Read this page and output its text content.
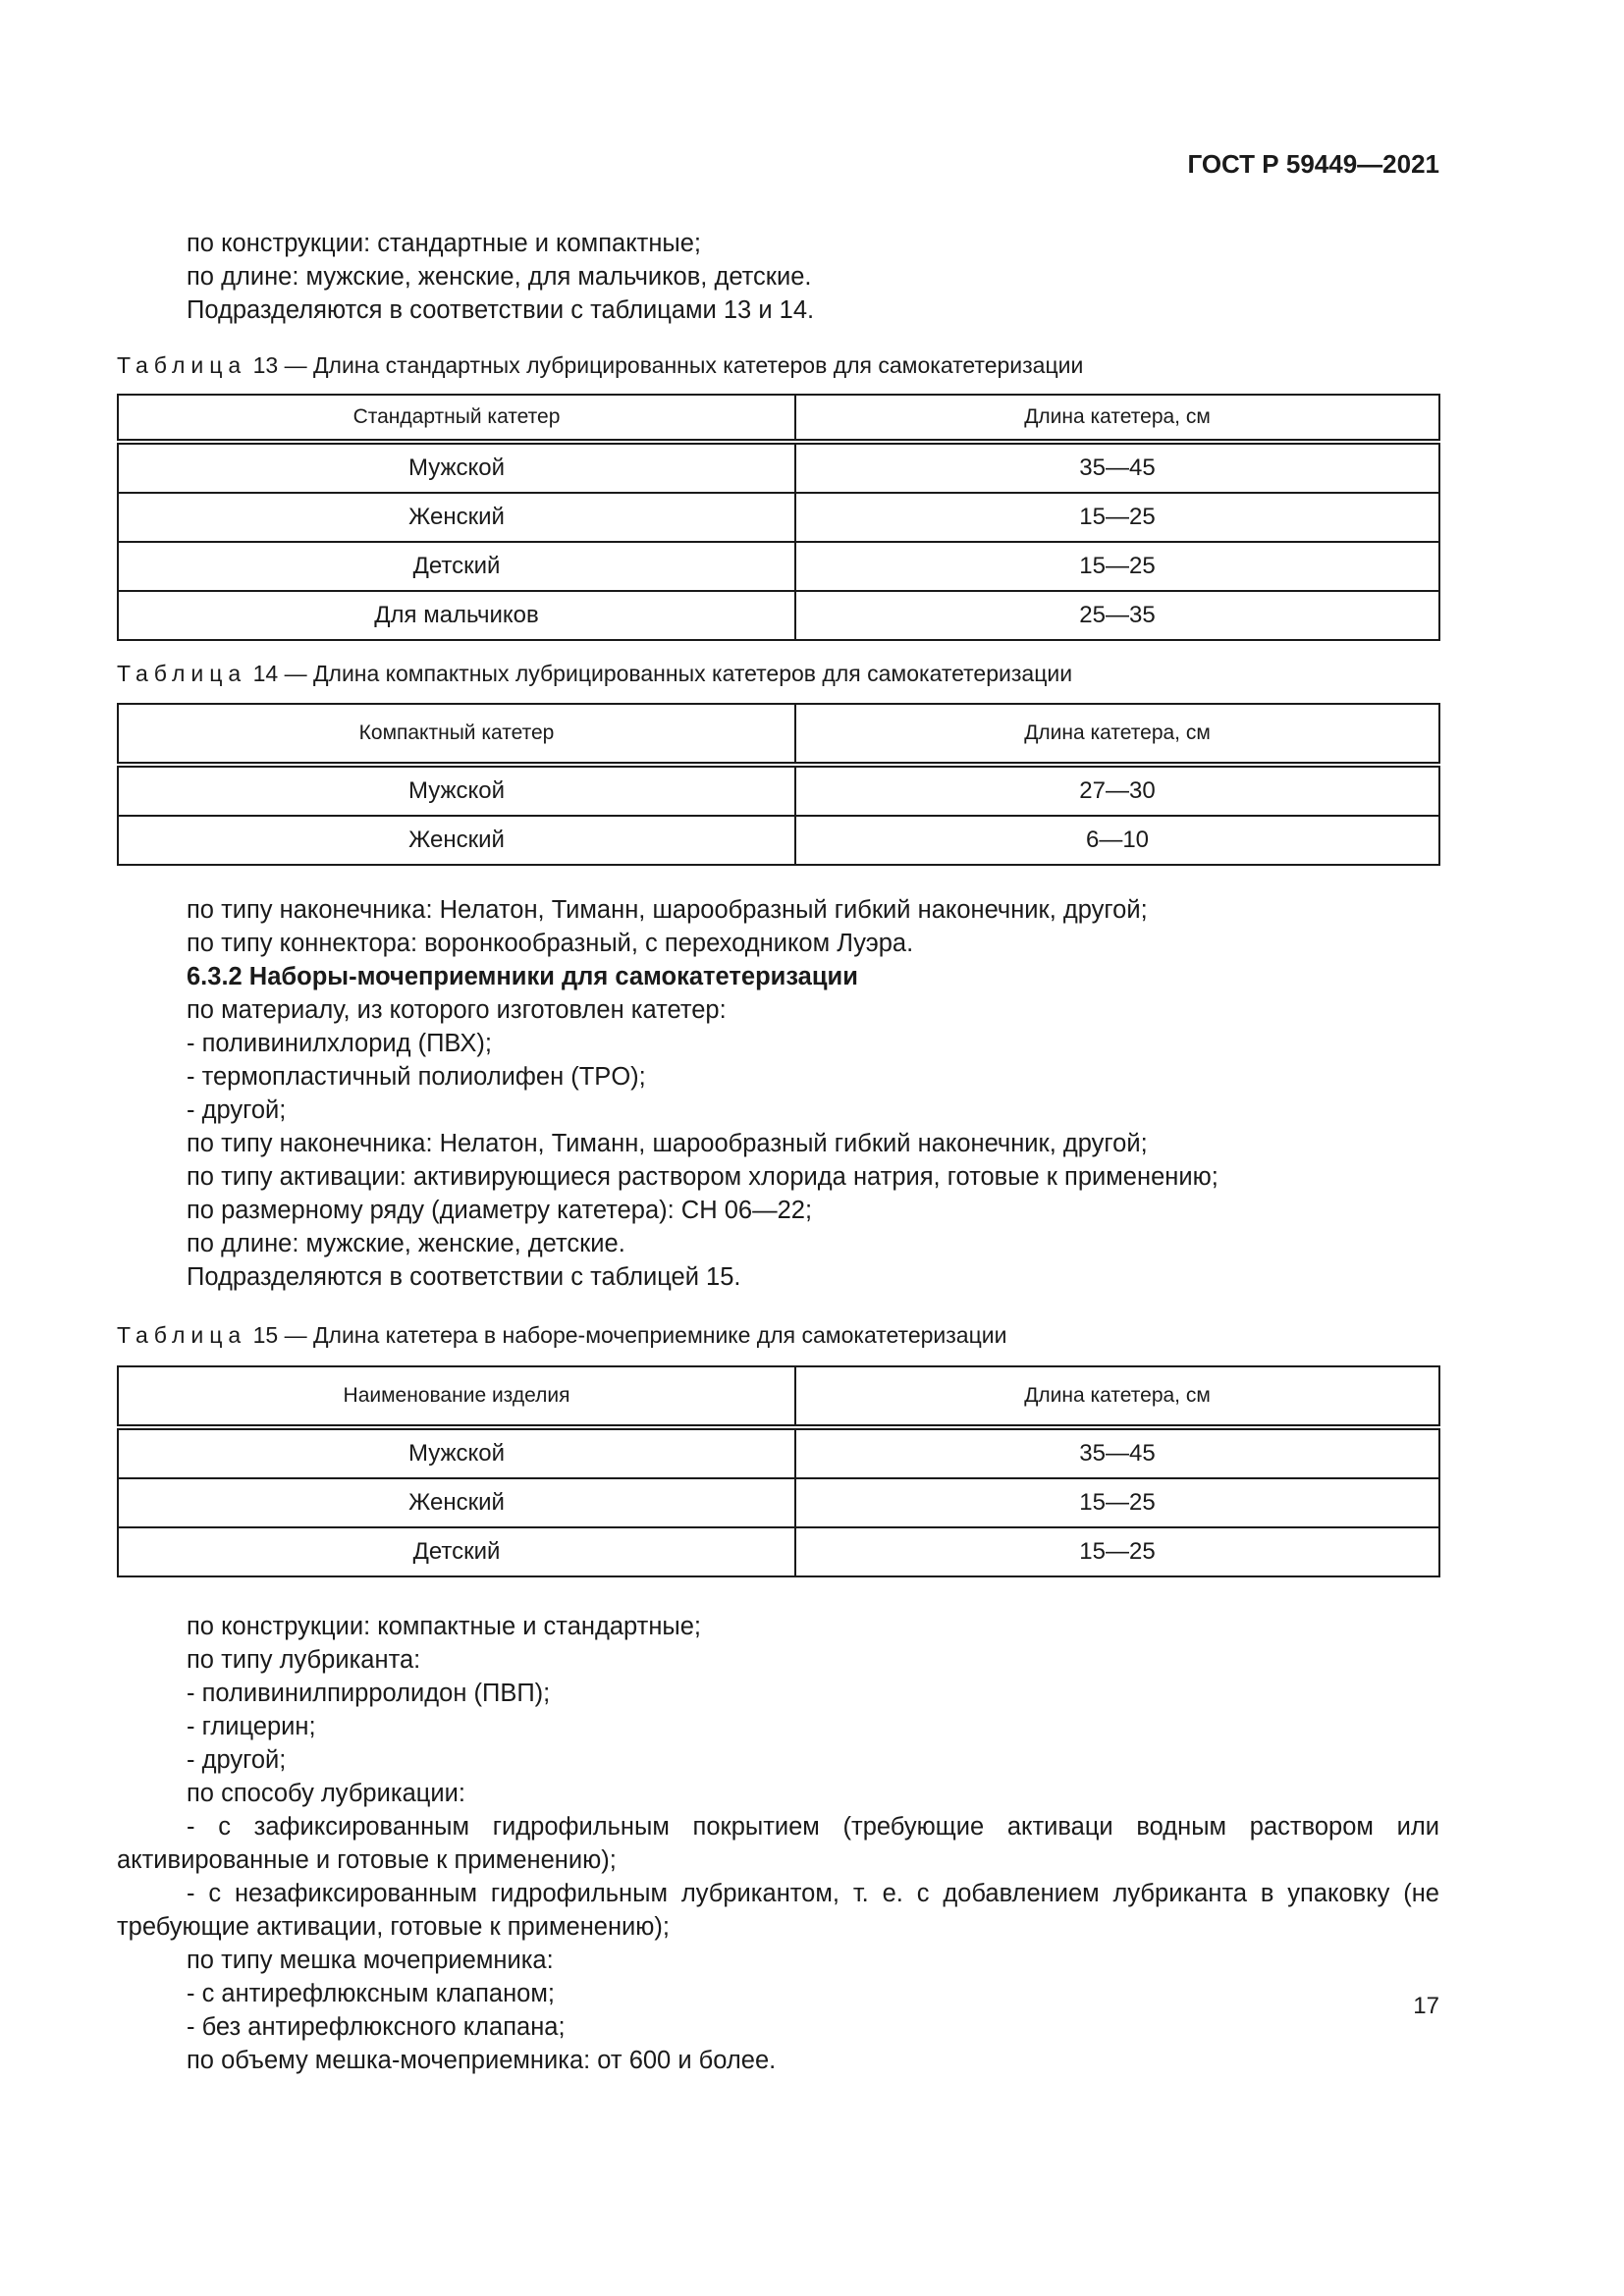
ГОСТ Р 59449—2021

по конструкции: стандартные и компактные;

по длине: мужские, женские, для мальчиков, детские.

Подразделяются в соответствии с таблицами 13 и 14.

Таблица 13 — Длина стандартных лубрицированных катетеров для самокатетеризации

Стандартный катетер	Длина катетера, см
Мужской	35—45
Женский	15—25
Детский	15—25
Для мальчиков	25—35

Таблица 14 — Длина компактных лубрицированных катетеров для самокатетеризации

Компактный катетер	Длина катетера, см
Мужской	27—30
Женский	6—10

по типу наконечника: Нелатон, Тиманн, шарообразный гибкий наконечник, другой;

по типу коннектора: воронкообразный, с переходником Луэра.

6.3.2 Наборы-мочеприемники для самокатетеризации

по материалу, из которого изготовлен катетер:

- поливинилхлорид (ПВХ);

- термопластичный полиолифен (TPO);

- другой;

по типу наконечника: Нелатон, Тиманн, шарообразный гибкий наконечник, другой;

по типу активации: активирующиеся раствором хлорида натрия, готовые к применению;

по размерному ряду (диаметру катетера): СН 06—22;

по длине: мужские, женские, детские.

Подразделяются в соответствии с таблицей 15.

Таблица 15 — Длина катетера в наборе-мочеприемнике для самокатетеризации

Наименование изделия	Длина катетера, см
Мужской	35—45
Женский	15—25
Детский	15—25

по конструкции: компактные и стандартные;

по типу лубриканта:

- поливинилпирролидон (ПВП);

- глицерин;

- другой;

по способу лубрикации:

- с зафиксированным гидрофильным покрытием (требующие активаци водным раствором или активированные и готовые к применению);

- с незафиксированным гидрофильным лубрикантом, т. е. с добавлением лубриканта в упаковку (не требующие активации, готовые к применению);

по типу мешка мочеприемника:

- с антирефлюксным клапаном;

- без антирефлюксного клапана;

по объему мешка-мочеприемника: от 600 и более.

17
